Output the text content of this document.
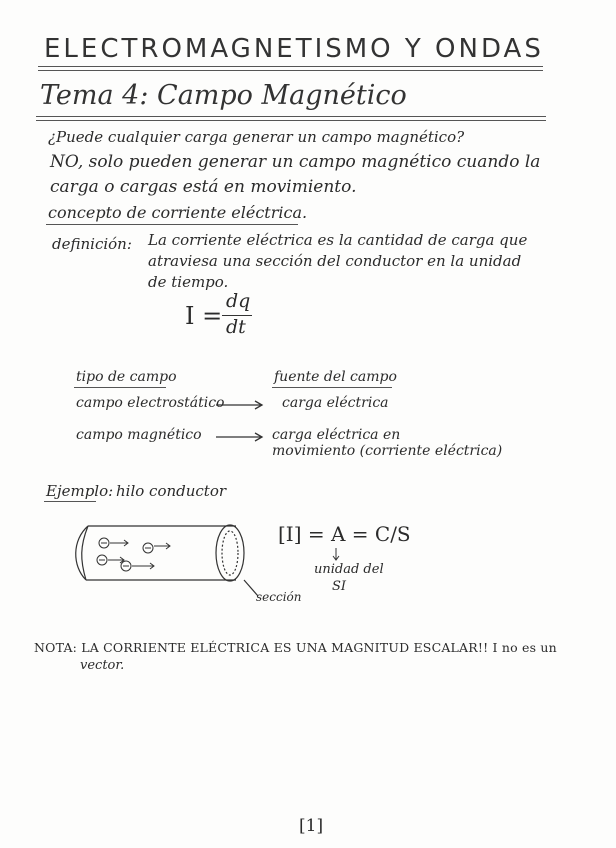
ELECTROMAGNETISMO Y ONDAS
Tema 4: Campo Magnético
¿Puede cualquier carga generar un campo magnético?
NO, solo pueden generar un campo magnético cuando la
carga o cargas está en movimiento.
concepto de corriente eléctrica.
definición: La corriente eléctrica es la cantidad de carga que
atraviesa una sección del conductor en la unidad
de tiempo.
I =
dq
dt
tipo de campo	fuente del campo
campo electrostático	carga eléctrica
campo magnético	carga eléctrica en
movimiento (corriente eléctrica)
Ejemplo: hilo conductor
sección
[I] = A = C/S
unidad del
SI
NOTA: LA CORRIENTE ELÉCTRICA ES UNA MAGNITUD ESCALAR!! I no es un
vector.
[1]
